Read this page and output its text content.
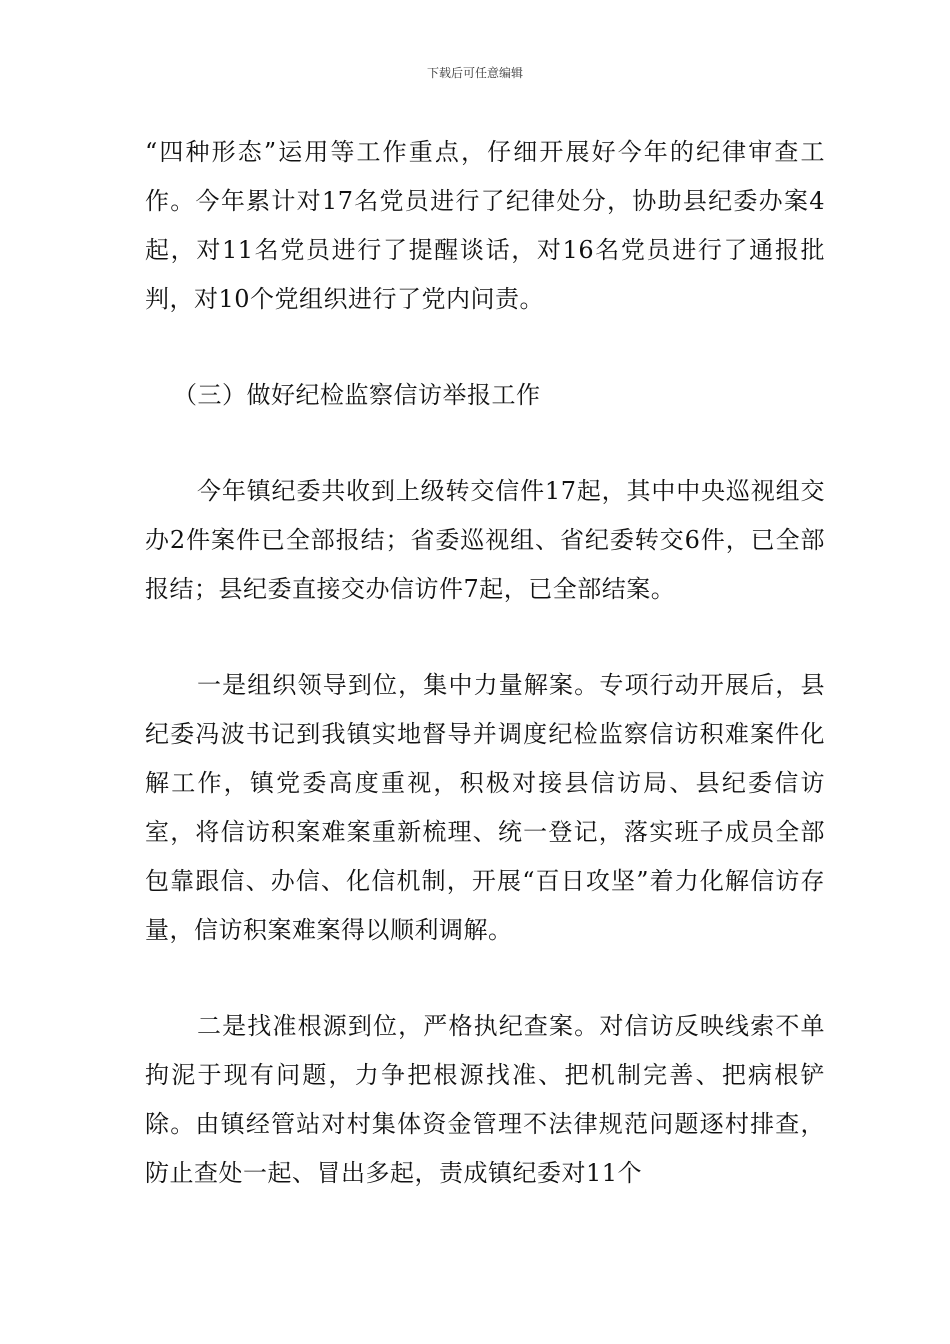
下载后可任意编辑

“四种形态”运用等工作重点，仔细开展好今年的纪律审查工作。今年累计对17名党员进行了纪律处分，协助县纪委办案4起，对11名党员进行了提醒谈话，对16名党员进行了通报批判，对10个党组织进行了党内问责。

（三）做好纪检监察信访举报工作

今年镇纪委共收到上级转交信件17起，其中中央巡视组交办2件案件已全部报结；省委巡视组、省纪委转交6件，已全部报结；县纪委直接交办信访件7起，已全部结案。

一是组织领导到位，集中力量解案。专项行动开展后，县纪委冯波书记到我镇实地督导并调度纪检监察信访积难案件化解工作，镇党委高度重视，积极对接县信访局、县纪委信访室，将信访积案难案重新梳理、统一登记，落实班子成员全部包靠跟信、办信、化信机制，开展“百日攻坚”着力化解信访存量，信访积案难案得以顺利调解。

二是找准根源到位，严格执纪查案。对信访反映线索不单拘泥于现有问题，力争把根源找准、把机制完善、把病根铲除。由镇经管站对村集体资金管理不法律规范问题逐村排查，防止查处一起、冒出多起，责成镇纪委对11个
